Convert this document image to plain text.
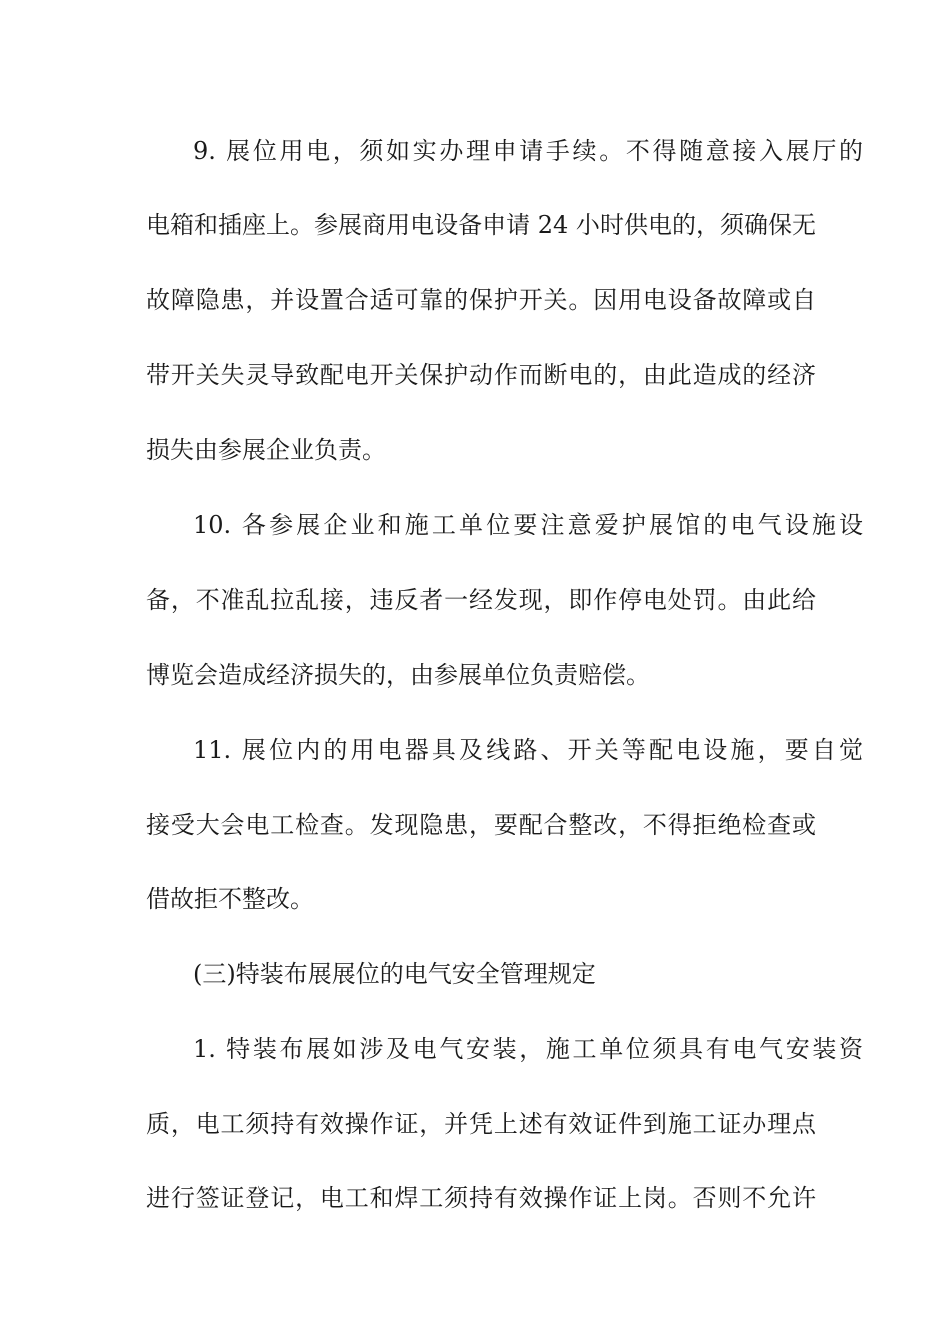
9. 展位用电，须如实办理申请手续。不得随意接入展厅的
电箱和插座上。参展商用电设备申请 24 小时供电的，须确保无
故障隐患，并设置合适可靠的保护开关。因用电设备故障或自
带开关失灵导致配电开关保护动作而断电的，由此造成的经济
损失由参展企业负责。
10. 各参展企业和施工单位要注意爱护展馆的电气设施设
备，不准乱拉乱接，违反者一经发现，即作停电处罚。由此给
博览会造成经济损失的，由参展单位负责赔偿。
11. 展位内的用电器具及线路、开关等配电设施，要自觉
接受大会电工检查。发现隐患，要配合整改，不得拒绝检查或
借故拒不整改。
(三)特装布展展位的电气安全管理规定
1. 特装布展如涉及电气安装，施工单位须具有电气安装资
质，电工须持有效操作证，并凭上述有效证件到施工证办理点
进行签证登记，电工和焊工须持有效操作证上岗。否则不允许
